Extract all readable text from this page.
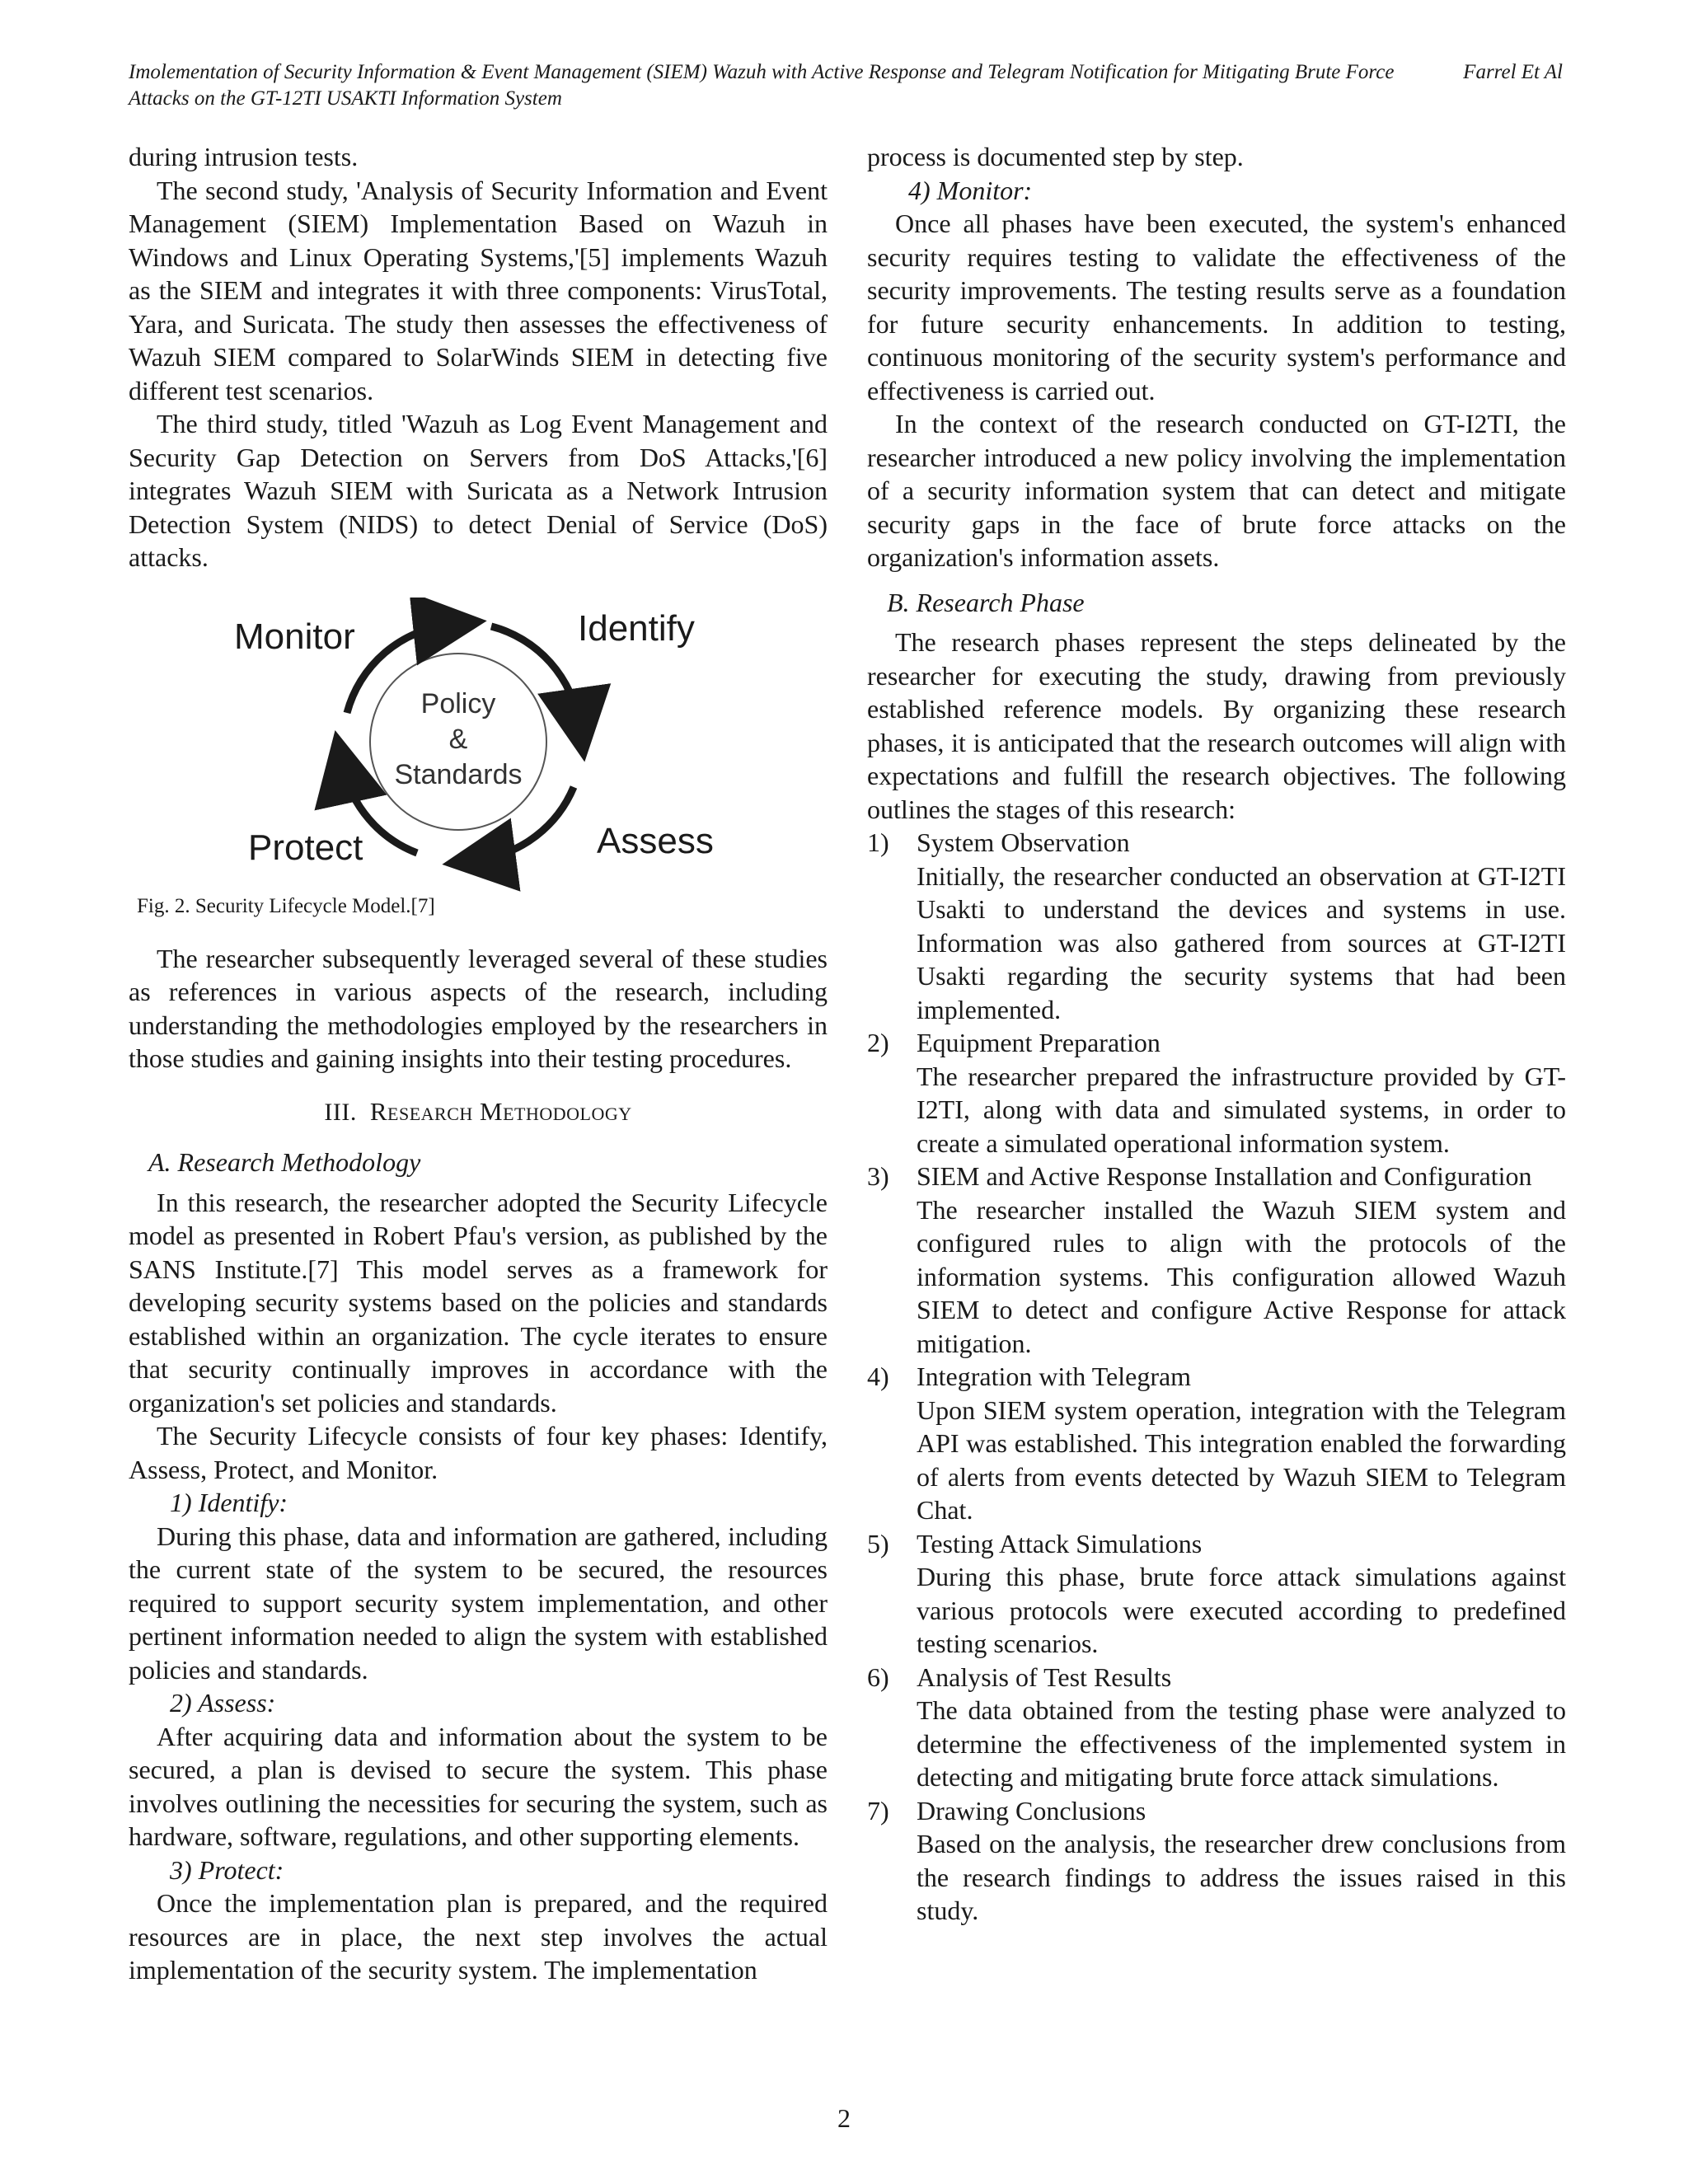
Imolementation of Security Information & Event Management (SIEM) Wazuh with Active Response and Telegram Notification for Mitigating Brute Force Attacks on the GT-12TI USAKTI Information System
Farrel Et Al

during intrusion tests.

The second study, 'Analysis of Security Information and Event Management (SIEM) Implementation Based on Wazuh in Windows and Linux Operating Systems,'[5] implements Wazuh as the SIEM and integrates it with three components: VirusTotal, Yara, and Suricata. The study then assesses the effectiveness of Wazuh SIEM compared to SolarWinds SIEM in detecting five different test scenarios.

The third study, titled 'Wazuh as Log Event Management and Security Gap Detection on Servers from DoS Attacks,'[6] integrates Wazuh SIEM with Suricata as a Network Intrusion Detection System (NIDS) to detect Denial of Service (DoS) attacks.

Monitor	Identify
Protect	Assess
Policy
&
Standards
Fig. 2. Security Lifecycle Model.[7]

The researcher subsequently leveraged several of these studies as references in various aspects of the research, including understanding the methodologies employed by the researchers in those studies and gaining insights into their testing procedures.

III. Research Methodology
A. Research Methodology

In this research, the researcher adopted the Security Lifecycle model as presented in Robert Pfau's version, as published by the SANS Institute.[7] This model serves as a framework for developing security systems based on the policies and standards established within an organization. The cycle iterates to ensure that security continually improves in accordance with the organization's set policies and standards.

The Security Lifecycle consists of four key phases: Identify, Assess, Protect, and Monitor.

1) Identify:

During this phase, data and information are gathered, including the current state of the system to be secured, the resources required to support security system implementation, and other pertinent information needed to align the system with established policies and standards.

2) Assess:

After acquiring data and information about the system to be secured, a plan is devised to secure the system. This phase involves outlining the necessities for securing the system, such as hardware, software, regulations, and other supporting elements.

3) Protect:

Once the implementation plan is prepared, and the required resources are in place, the next step involves the actual implementation of the security system. The implementation

process is documented step by step.

4) Monitor:

Once all phases have been executed, the system's enhanced security requires testing to validate the effectiveness of the security improvements. The testing results serve as a foundation for future security enhancements. In addition to testing, continuous monitoring of the security system's performance and effectiveness is carried out.

In the context of the research conducted on GT-I2TI, the researcher introduced a new policy involving the implementation of a security information system that can detect and mitigate security gaps in the face of brute force attacks on the organization's information assets.

B. Research Phase

The research phases represent the steps delineated by the researcher for executing the study, drawing from previously established reference models. By organizing these research phases, it is anticipated that the research outcomes will align with expectations and fulfill the research objectives. The following outlines the stages of this research:

1) System Observation
Initially, the researcher conducted an observation at GT-I2TI Usakti to understand the devices and systems in use. Information was also gathered from sources at GT-I2TI Usakti regarding the security systems that had been implemented.
2) Equipment Preparation
The researcher prepared the infrastructure provided by GT-I2TI, along with data and simulated systems, in order to create a simulated operational information system.
3) SIEM and Active Response Installation and Configuration
The researcher installed the Wazuh SIEM system and configured rules to align with the protocols of the information systems. This configuration allowed Wazuh SIEM to detect and configure Active Response for attack mitigation.
4) Integration with Telegram
Upon SIEM system operation, integration with the Telegram API was established. This integration enabled the forwarding of alerts from events detected by Wazuh SIEM to Telegram Chat.
5) Testing Attack Simulations
During this phase, brute force attack simulations against various protocols were executed according to predefined testing scenarios.
6) Analysis of Test Results
The data obtained from the testing phase were analyzed to determine the effectiveness of the implemented system in detecting and mitigating brute force attack simulations.
7) Drawing Conclusions
Based on the analysis, the researcher drew conclusions from the research findings to address the issues raised in this study.
2
